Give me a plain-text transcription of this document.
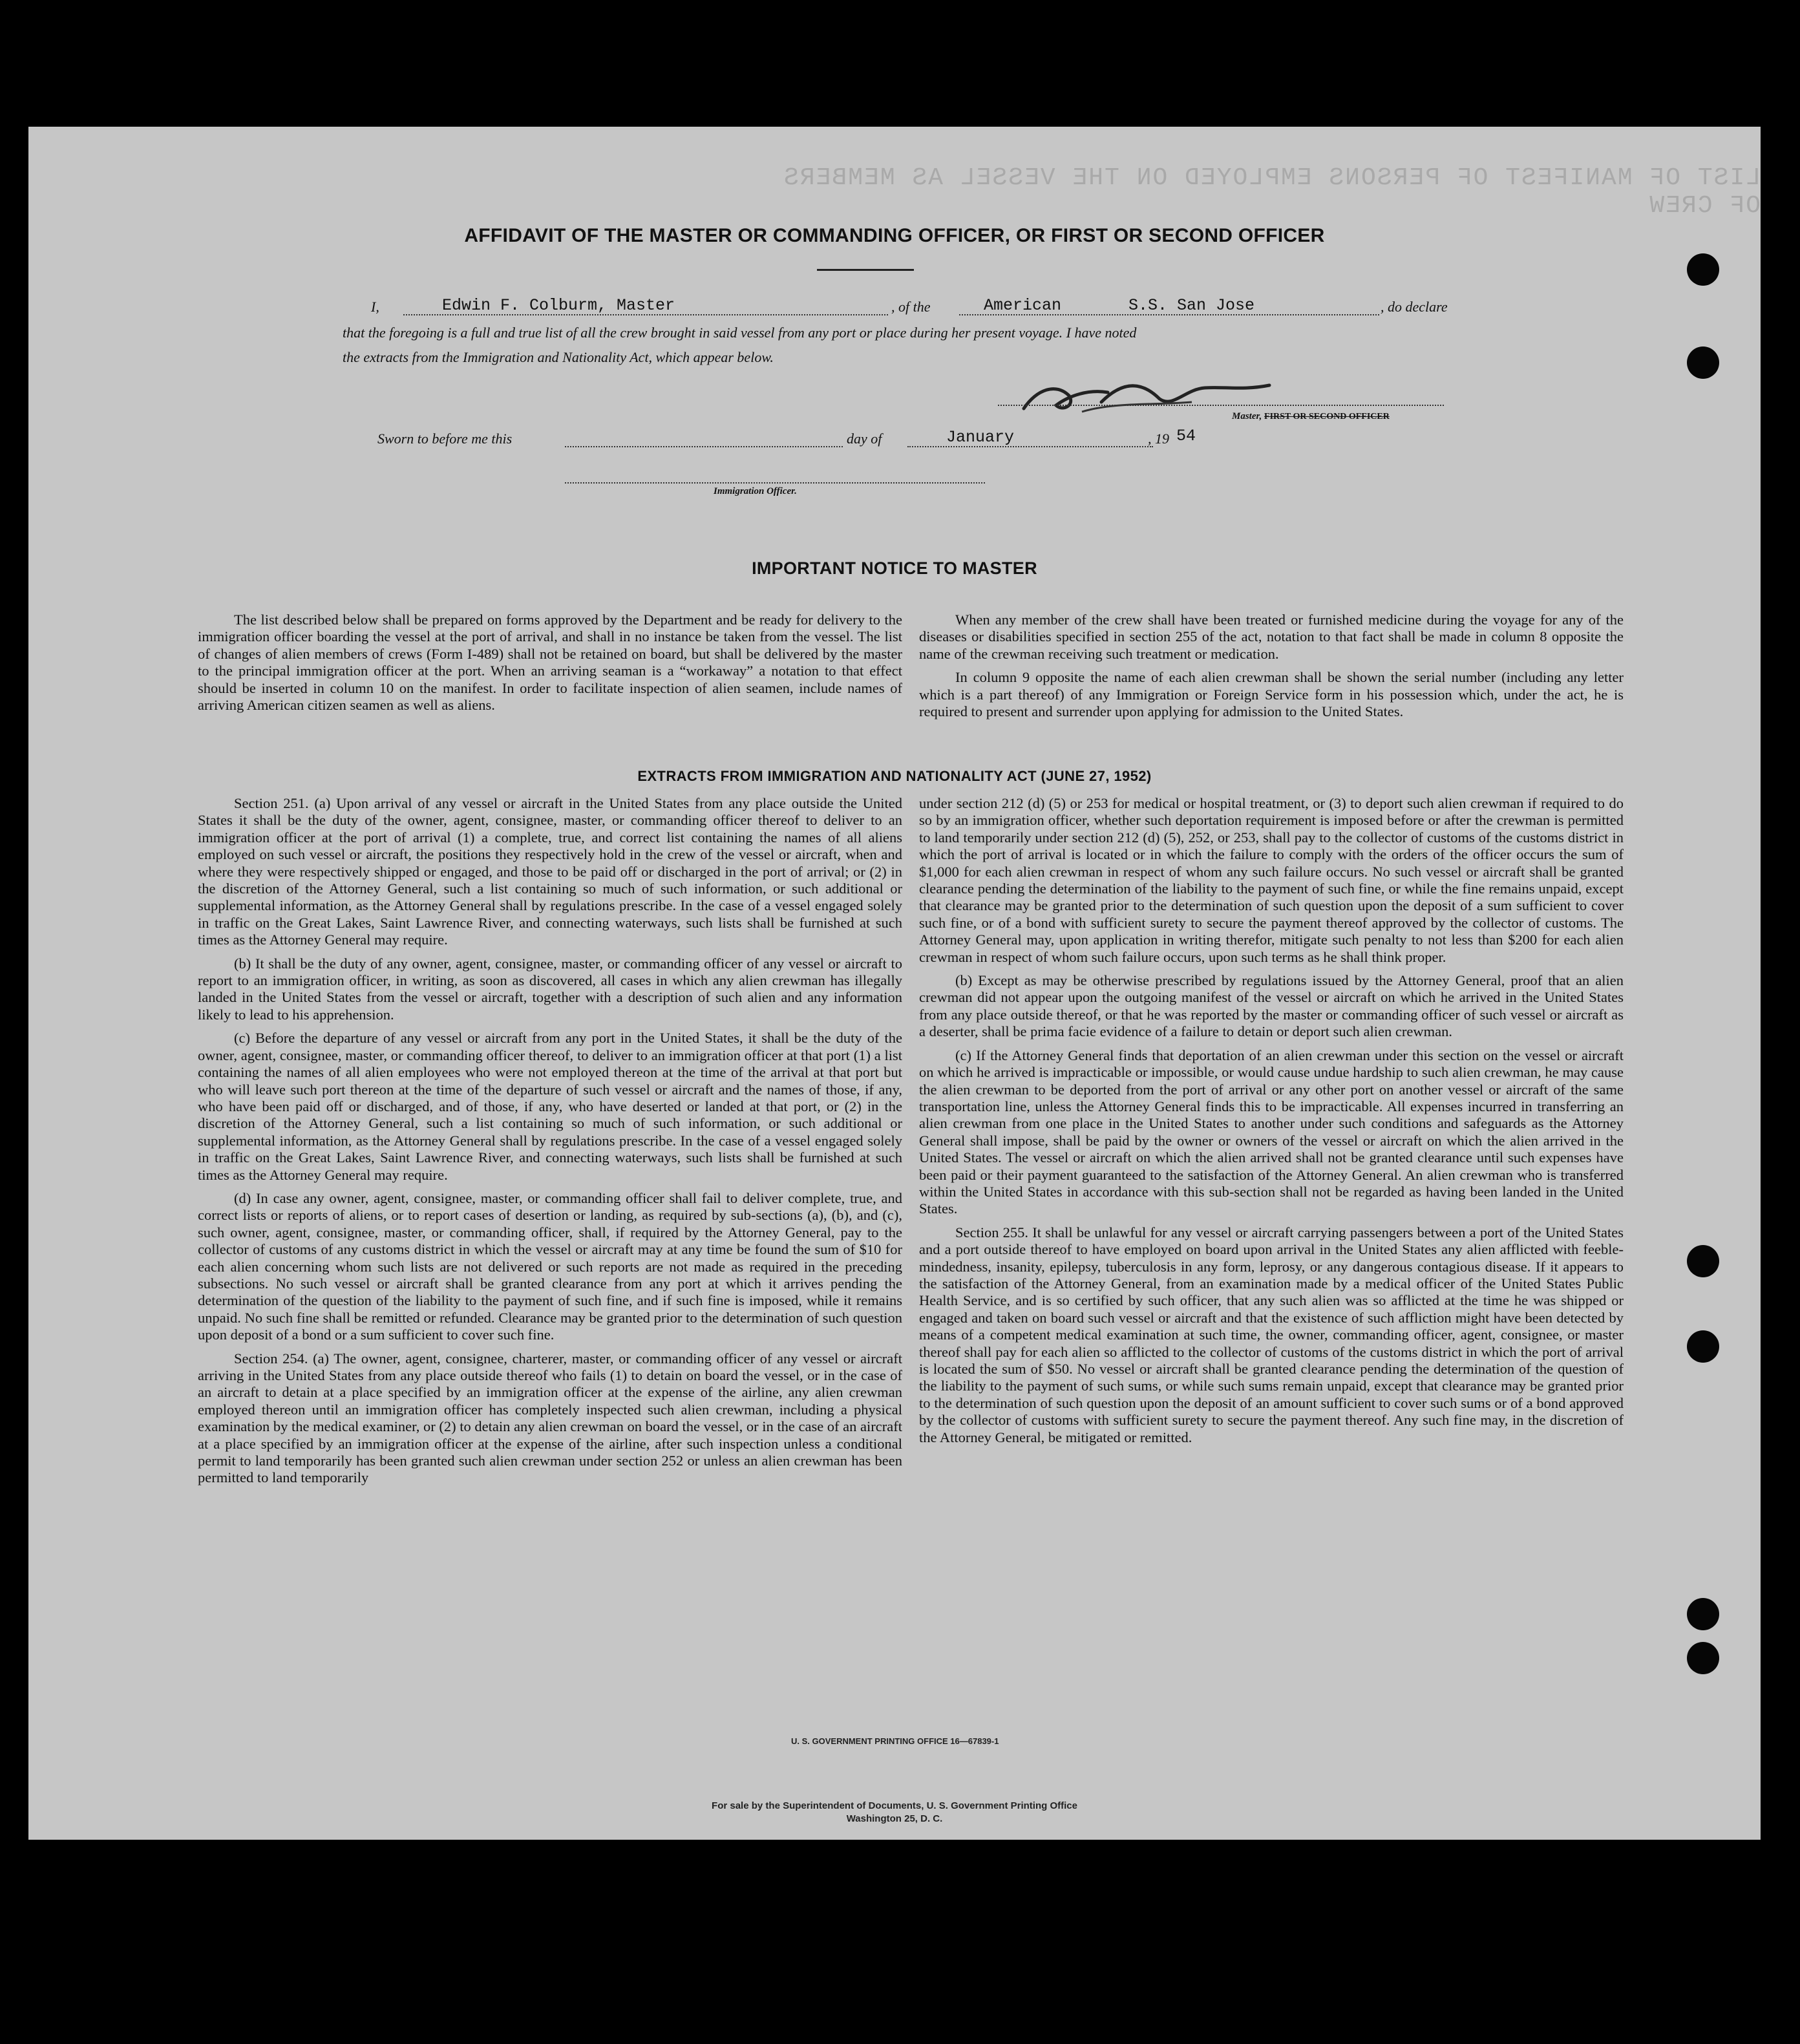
LIST OF MANIFEST OF PERSONS EMPLOYED ON THE VESSEL AS MEMBERS OF CREW
AFFIDAVIT OF THE MASTER OR COMMANDING OFFICER, OR FIRST OR SECOND OFFICER
I,	Edwin F. Colburm, Master	, of the	American	S.S. San Jose	, do declare
that the foregoing is a full and true list of all the crew brought in said vessel from any port or place during her present voyage. I have noted
the extracts from the Immigration and Nationality Act, which appear below.
Master, FIRST OR SECOND OFFICER
Sworn to before me this	day of	January	, 19 54
Immigration Officer.
IMPORTANT NOTICE TO MASTER

The list described below shall be prepared on forms approved by the Department and be ready for delivery to the immigration officer boarding the vessel at the port of arrival, and shall in no instance be taken from the vessel. The list of changes of alien members of crews (Form I-489) shall not be retained on board, but shall be delivered by the master to the principal immigration officer at the port. When an arriving seaman is a “workaway” a notation to that effect should be inserted in column 10 on the manifest. In order to facilitate inspection of alien seamen, include names of arriving American citizen seamen as well as aliens.

When any member of the crew shall have been treated or furnished medicine during the voyage for any of the diseases or disabilities specified in section 255 of the act, notation to that fact shall be made in column 8 opposite the name of the crewman receiving such treatment or medication.

In column 9 opposite the name of each alien crewman shall be shown the serial number (including any letter which is a part thereof) of any Immigration or Foreign Service form in his possession which, under the act, he is required to present and surrender upon applying for admission to the United States.

EXTRACTS FROM IMMIGRATION AND NATIONALITY ACT (JUNE 27, 1952)

Section 251. (a) Upon arrival of any vessel or aircraft in the United States from any place outside the United States it shall be the duty of the owner, agent, consignee, master, or commanding officer thereof to deliver to an immigration officer at the port of arrival (1) a complete, true, and correct list containing the names of all aliens employed on such vessel or aircraft, the positions they respectively hold in the crew of the vessel or aircraft, when and where they were respectively shipped or engaged, and those to be paid off or discharged in the port of arrival; or (2) in the discretion of the Attorney General, such a list containing so much of such information, or such additional or supplemental information, as the Attorney General shall by regulations prescribe. In the case of a vessel engaged solely in traffic on the Great Lakes, Saint Lawrence River, and connecting waterways, such lists shall be furnished at such times as the Attorney General may require.

(b) It shall be the duty of any owner, agent, consignee, master, or commanding officer of any vessel or aircraft to report to an immigration officer, in writing, as soon as discovered, all cases in which any alien crewman has illegally landed in the United States from the vessel or aircraft, together with a description of such alien and any information likely to lead to his apprehension.

(c) Before the departure of any vessel or aircraft from any port in the United States, it shall be the duty of the owner, agent, consignee, master, or commanding officer thereof, to deliver to an immigration officer at that port (1) a list containing the names of all alien employees who were not employed thereon at the time of the arrival at that port but who will leave such port thereon at the time of the departure of such vessel or aircraft and the names of those, if any, who have been paid off or discharged, and of those, if any, who have deserted or landed at that port, or (2) in the discretion of the Attorney General, such a list containing so much of such information, or such additional or supplemental information, as the Attorney General shall by regulations prescribe. In the case of a vessel engaged solely in traffic on the Great Lakes, Saint Lawrence River, and connecting waterways, such lists shall be furnished at such times as the Attorney General may require.

(d) In case any owner, agent, consignee, master, or commanding officer shall fail to deliver complete, true, and correct lists or reports of aliens, or to report cases of desertion or landing, as required by sub-sections (a), (b), and (c), such owner, agent, consignee, master, or commanding officer, shall, if required by the Attorney General, pay to the collector of customs of any customs district in which the vessel or aircraft may at any time be found the sum of $10 for each alien concerning whom such lists are not delivered or such reports are not made as required in the preceding subsections. No such vessel or aircraft shall be granted clearance from any port at which it arrives pending the determination of the question of the liability to the payment of such fine, and if such fine is imposed, while it remains unpaid. No such fine shall be remitted or refunded. Clearance may be granted prior to the determination of such question upon deposit of a bond or a sum sufficient to cover such fine.

Section 254. (a) The owner, agent, consignee, charterer, master, or commanding officer of any vessel or aircraft arriving in the United States from any place outside thereof who fails (1) to detain on board the vessel, or in the case of an aircraft to detain at a place specified by an immigration officer at the expense of the airline, any alien crewman employed thereon until an immigration officer has completely inspected such alien crewman, including a physical examination by the medical examiner, or (2) to detain any alien crewman on board the vessel, or in the case of an aircraft at a place specified by an immigration officer at the expense of the airline, after such inspection unless a conditional permit to land temporarily has been granted such alien crewman under section 252 or unless an alien crewman has been permitted to land temporarily

under section 212 (d) (5) or 253 for medical or hospital treatment, or (3) to deport such alien crewman if required to do so by an immigration officer, whether such deportation requirement is imposed before or after the crewman is permitted to land temporarily under section 212 (d) (5), 252, or 253, shall pay to the collector of customs of the customs district in which the port of arrival is located or in which the failure to comply with the orders of the officer occurs the sum of $1,000 for each alien crewman in respect of whom any such failure occurs. No such vessel or aircraft shall be granted clearance pending the determination of the liability to the payment of such fine, or while the fine remains unpaid, except that clearance may be granted prior to the determination of such question upon the deposit of a sum sufficient to cover such fine, or of a bond with sufficient surety to secure the payment thereof approved by the collector of customs. The Attorney General may, upon application in writing therefor, mitigate such penalty to not less than $200 for each alien crewman in respect of whom such failure occurs, upon such terms as he shall think proper.

(b) Except as may be otherwise prescribed by regulations issued by the Attorney General, proof that an alien crewman did not appear upon the outgoing manifest of the vessel or aircraft on which he arrived in the United States from any place outside thereof, or that he was reported by the master or commanding officer of such vessel or aircraft as a deserter, shall be prima facie evidence of a failure to detain or deport such alien crewman.

(c) If the Attorney General finds that deportation of an alien crewman under this section on the vessel or aircraft on which he arrived is impracticable or impossible, or would cause undue hardship to such alien crewman, he may cause the alien crewman to be deported from the port of arrival or any other port on another vessel or aircraft of the same transportation line, unless the Attorney General finds this to be impracticable. All expenses incurred in transferring an alien crewman from one place in the United States to another under such conditions and safeguards as the Attorney General shall impose, shall be paid by the owner or owners of the vessel or aircraft on which the alien arrived in the United States. The vessel or aircraft on which the alien arrived shall not be granted clearance until such expenses have been paid or their payment guaranteed to the satisfaction of the Attorney General. An alien crewman who is transferred within the United States in accordance with this sub-section shall not be regarded as having been landed in the United States.

Section 255. It shall be unlawful for any vessel or aircraft carrying passengers between a port of the United States and a port outside thereof to have employed on board upon arrival in the United States any alien afflicted with feeble-mindedness, insanity, epilepsy, tuberculosis in any form, leprosy, or any dangerous contagious disease. If it appears to the satisfaction of the Attorney General, from an examination made by a medical officer of the United States Public Health Service, and is so certified by such officer, that any such alien was so afflicted at the time he was shipped or engaged and taken on board such vessel or aircraft and that the existence of such affliction might have been detected by means of a competent medical examination at such time, the owner, commanding officer, agent, consignee, or master thereof shall pay for each alien so afflicted to the collector of customs of the customs district in which the port of arrival is located the sum of $50. No vessel or aircraft shall be granted clearance pending the determination of the question of the liability to the payment of such sums, or while such sums remain unpaid, except that clearance may be granted prior to the determination of such question upon the deposit of an amount sufficient to cover such sums or of a bond approved by the collector of customs with sufficient surety to secure the payment thereof. Any such fine may, in the discretion of the Attorney General, be mitigated or remitted.

U. S. GOVERNMENT PRINTING OFFICE 16—67839-1
For sale by the Superintendent of Documents, U. S. Government Printing Office
Washington 25, D. C.
